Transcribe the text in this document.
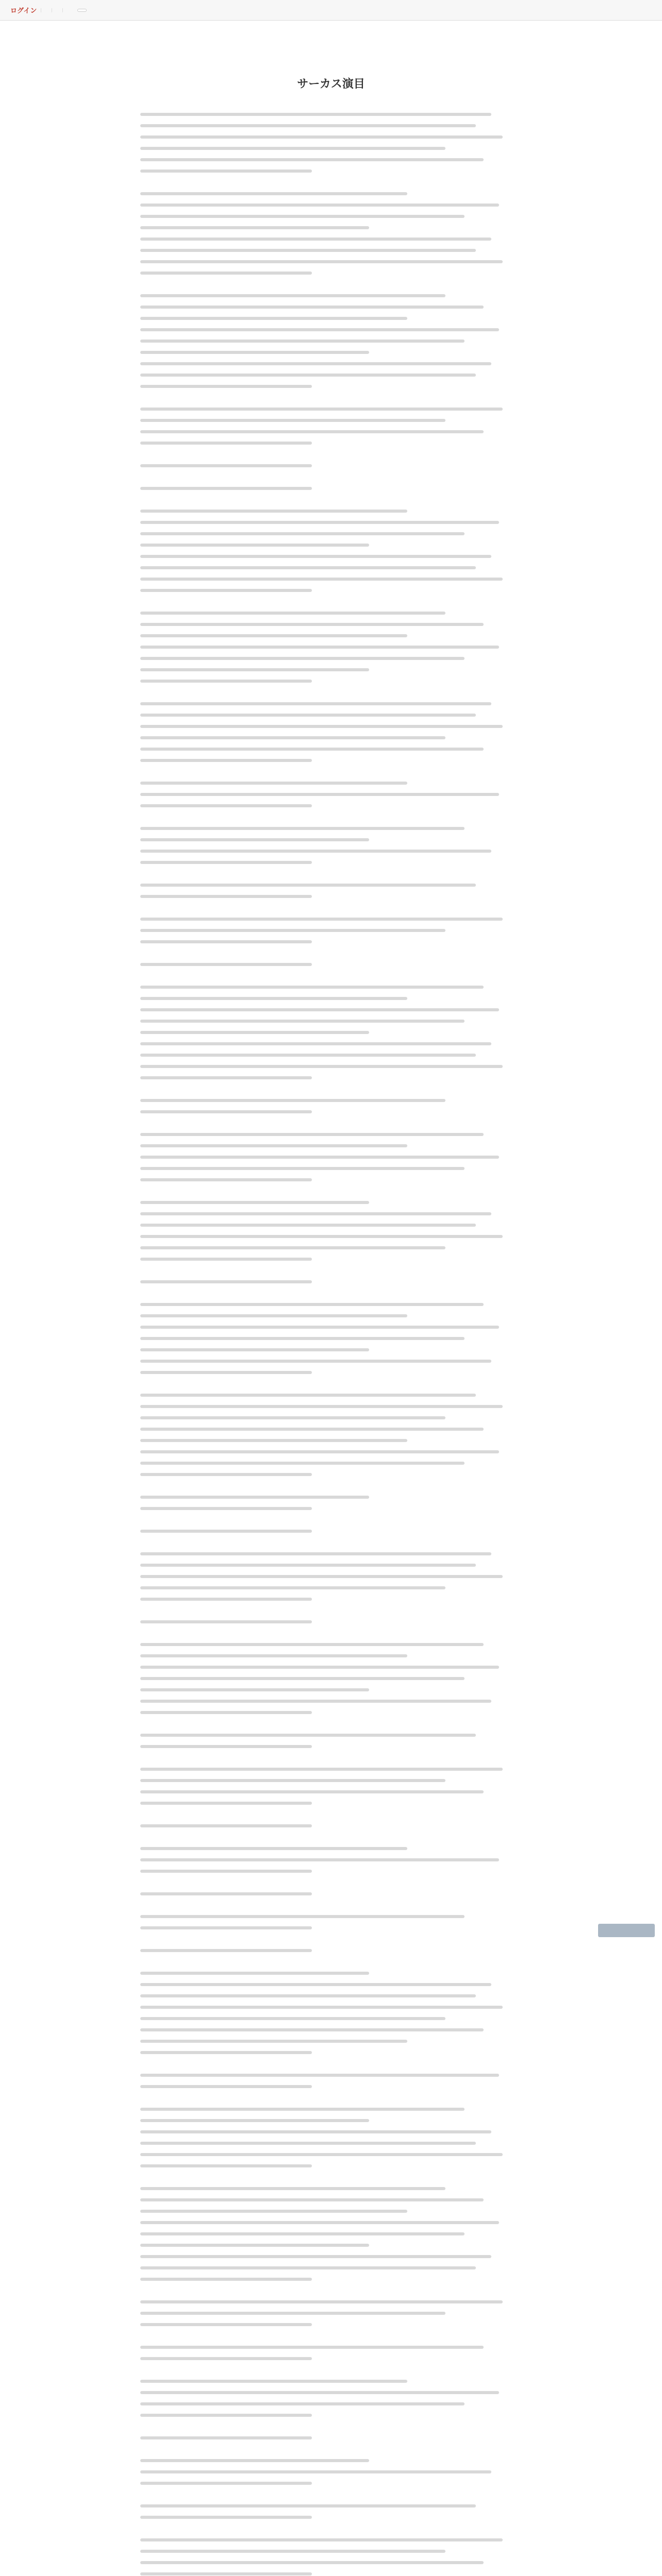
ログイン
サーカス演目
